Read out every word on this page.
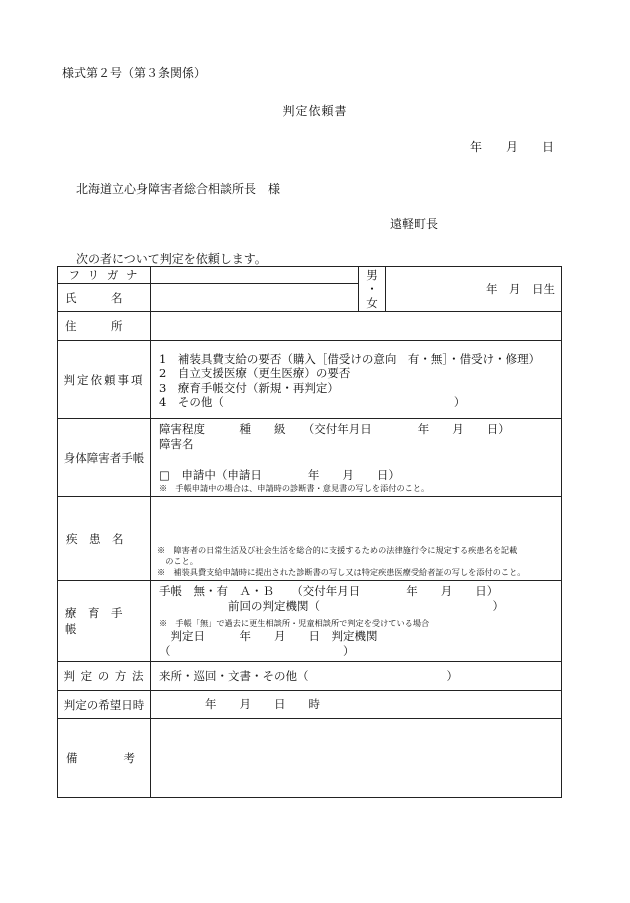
様式第２号（第３条関係）
判定依頼書
年　　月　　日
北海道立心身障害者総合相談所長　様
遠軽町長
次の者について判定を依頼します。
フ リ ガ ナ		男
・
女	年　月　日生

氏　　　名			

住　　　所			

判定依頼事項	1　補装具費支給の要否（購入［借受けの意向　有・無］・借受け・修理）
2　自立支援医療（更生医療）の要否
3　療育手帳交付（新規・再判定）
4　その他（　　　　　　　　　　　　　　　　　　　　）		

身体障害者手帳	障害程度　　　種　　級　　（交付年月日　　　　年　　月　　日）
障害名
□　申請中（申請日　　　　年　　月　　日）
※　手帳申請中の場合は、申請時の診断書・意見書の写しを添付のこと。		

疾　患　名	※　障害者の日常生活及び社会生活を総合的に支援するための法律施行令に規定する疾患名を記載
　のこと。
※　補装具費支給申請時に提出された診断書の写し又は特定疾患医療受給者証の写しを添付のこと。		

療　育　手　帳	手帳　無・有　Ａ・Ｂ　　（交付年月日　　　　年　　月　　日）
　　　　　　前回の判定機関（　　　　　　　　　　　　　　　）
※　手帳「無」で過去に更生相談所・児童相談所で判定を受けている場合
　判定日　　　年　　月　　日　判定機関（　　　　　　　　　　　　　　　）		

判 定 の 方 法	来所・巡回・文書・その他（　　　　　　　　　　　　）		

判定の希望日時	　　　　年　　月　　日　　時		

備　　　　考			
